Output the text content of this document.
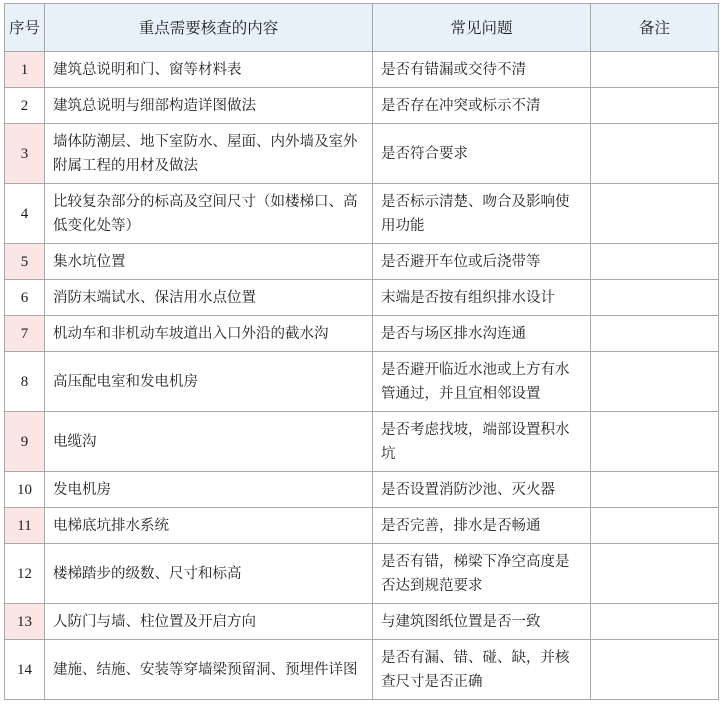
序号	重点需要核查的内容	常见问题	备注
1	建筑总说明和门、窗等材料表	是否有错漏或交待不清	
2	建筑总说明与细部构造详图做法	是否存在冲突或标示不清	
3	墙体防潮层、地下室防水、屋面、内外墙及室外附属工程的用材及做法	是否符合要求	
4	比较复杂部分的标高及空间尺寸（如楼梯口、高低变化处等）	是否标示清楚、吻合及影响使用功能	
5	集水坑位置	是否避开车位或后浇带等	
6	消防末端试水、保洁用水点位置	末端是否按有组织排水设计	
7	机动车和非机动车坡道出入口外沿的截水沟	是否与场区排水沟连通	
8	高压配电室和发电机房	是否避开临近水池或上方有水管通过，并且宜相邻设置	
9	电缆沟	是否考虑找坡，端部设置积水坑	
10	发电机房	是否设置消防沙池、灭火器	
11	电梯底坑排水系统	是否完善，排水是否畅通	
12	楼梯踏步的级数、尺寸和标高	是否有错，梯梁下净空高度是否达到规范要求	
13	人防门与墙、柱位置及开启方向	与建筑图纸位置是否一致	
14	建施、结施、安装等穿墙梁预留洞、预埋件详图	是否有漏、错、碰、缺，并核查尺寸是否正确	
